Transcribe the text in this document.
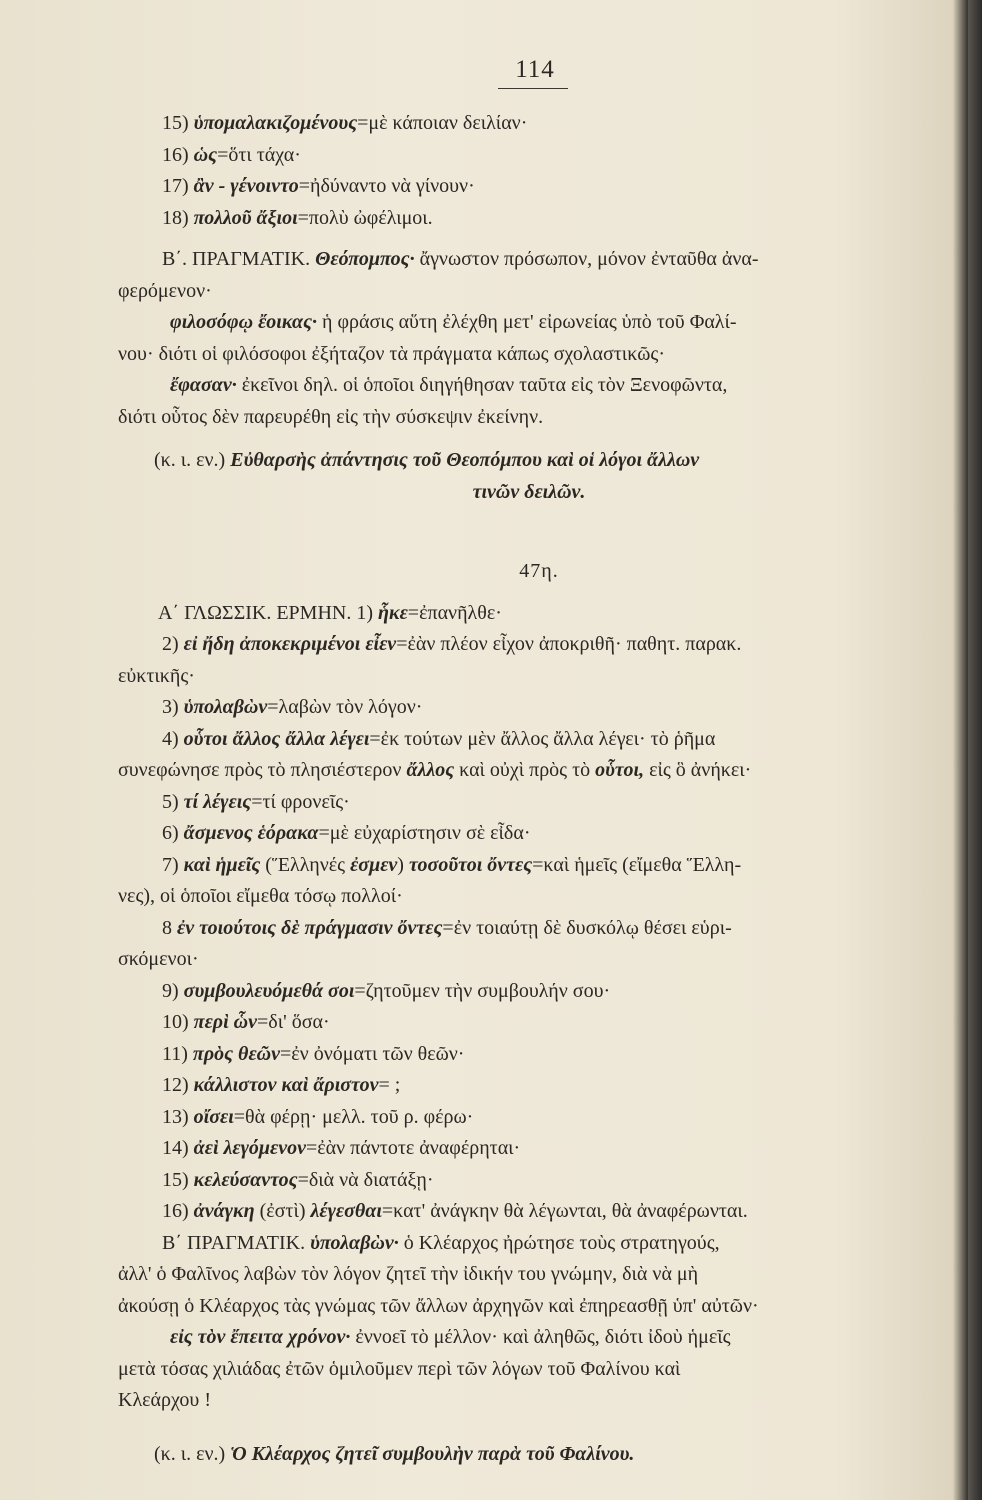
114
15) ὑπομαλακιζομένους=μὲ κάποιαν δειλίαν·
16) ὡς=ὅτι τάχα·
17) ἂν - γένοιντο=ἠδύναντο νὰ γίνουν·
18) πολλοῦ ἄξιοι=πολὺ ὠφέλιμοι.
Β΄. ΠΡΑΓΜΑΤΙΚ. Θεόπομπος· ἄγνωστον πρόσωπον, μόνον ἐνταῦθα ἀνα-
φερόμενον·
φιλοσόφῳ ἔοικας· ἡ φράσις αὕτη ἐλέχθη μετ' εἰρωνείας ὑπὸ τοῦ Φαλί-
νου· διότι οἱ φιλόσοφοι ἐξήταζον τὰ πράγματα κάπως σχολαστικῶς·
ἔφασαν· ἐκεῖνοι δηλ. οἱ ὁποῖοι διηγήθησαν ταῦτα εἰς τὸν Ξενοφῶντα,
διότι οὗτος δὲν παρευρέθη εἰς τὴν σύσκεψιν ἐκείνην.
(κ. ι. εν.) Εὐθαρσὴς ἀπάντησις τοῦ Θεοπόμπου καὶ οἱ λόγοι ἄλλων
τινῶν δειλῶν.
47η.
Α΄ ΓΛΩΣΣΙΚ. ΕΡΜΗΝ. 1) ἧκε=ἐπανῆλθε·
2) εἰ ἤδη ἀποκεκριμένοι εἶεν=ἐὰν πλέον εἶχον ἀποκριθῆ· παθητ. παρακ.
εὐκτικῆς·
3) ὑπολαβὼν=λαβὼν τὸν λόγον·
4) οὗτοι ἄλλος ἄλλα λέγει=ἐκ τούτων μὲν ἄλλος ἄλλα λέγει· τὸ ῥῆμα
συνεφώνησε πρὸς τὸ πλησιέστερον ἄλλος καὶ οὐχὶ πρὸς τὸ οὗτοι, εἰς ὃ ἀνήκει·
5) τί λέγεις=τί φρονεῖς·
6) ἄσμενος ἑόρακα=μὲ εὐχαρίστησιν σὲ εἶδα·
7) καὶ ἡμεῖς (Ἕλληνές ἐσμεν) τοσοῦτοι ὄντες=καὶ ἡμεῖς (εἴμεθα Ἕλλη-
νες), οἱ ὁποῖοι εἴμεθα τόσῳ πολλοί·
8 ἐν τοιούτοις δὲ πράγμασιν ὄντες=ἐν τοιαύτῃ δὲ δυσκόλῳ θέσει εὑρι-
σκόμενοι·
9) συμβουλευόμεθά σοι=ζητοῦμεν τὴν συμβουλήν σου·
10) περὶ ὧν=δι' ὅσα·
11) πρὸς θεῶν=ἐν ὀνόματι τῶν θεῶν·
12) κάλλιστον καὶ ἄριστον= ;
13) οἴσει=θὰ φέρῃ· μελλ. τοῦ ρ. φέρω·
14) ἀεὶ λεγόμενον=ἐὰν πάντοτε ἀναφέρηται·
15) κελεύσαντος=διὰ νὰ διατάξῃ·
16) ἀνάγκη (ἐστὶ) λέγεσθαι=κατ' ἀνάγκην θὰ λέγωνται, θὰ ἀναφέρωνται.
Β΄ ΠΡΑΓΜΑΤΙΚ. ὑπολαβὼν· ὁ Κλέαρχος ἠρώτησε τοὺς στρατηγούς,
ἀλλ' ὁ Φαλῖνος λαβὼν τὸν λόγον ζητεῖ τὴν ἰδικήν του γνώμην, διὰ νὰ μὴ
ἀκούσῃ ὁ Κλέαρχος τὰς γνώμας τῶν ἄλλων ἀρχηγῶν καὶ ἐπηρεασθῇ ὑπ' αὐτῶν·
εἰς τὸν ἔπειτα χρόνον· ἐννοεῖ τὸ μέλλον· καὶ ἀληθῶς, διότι ἰδοὺ ἡμεῖς
μετὰ τόσας χιλιάδας ἐτῶν ὁμιλοῦμεν περὶ τῶν λόγων τοῦ Φαλίνου καὶ
Κλεάρχου !
(κ. ι. εν.) Ὁ Κλέαρχος ζητεῖ συμβουλὴν παρὰ τοῦ Φαλίνου.
